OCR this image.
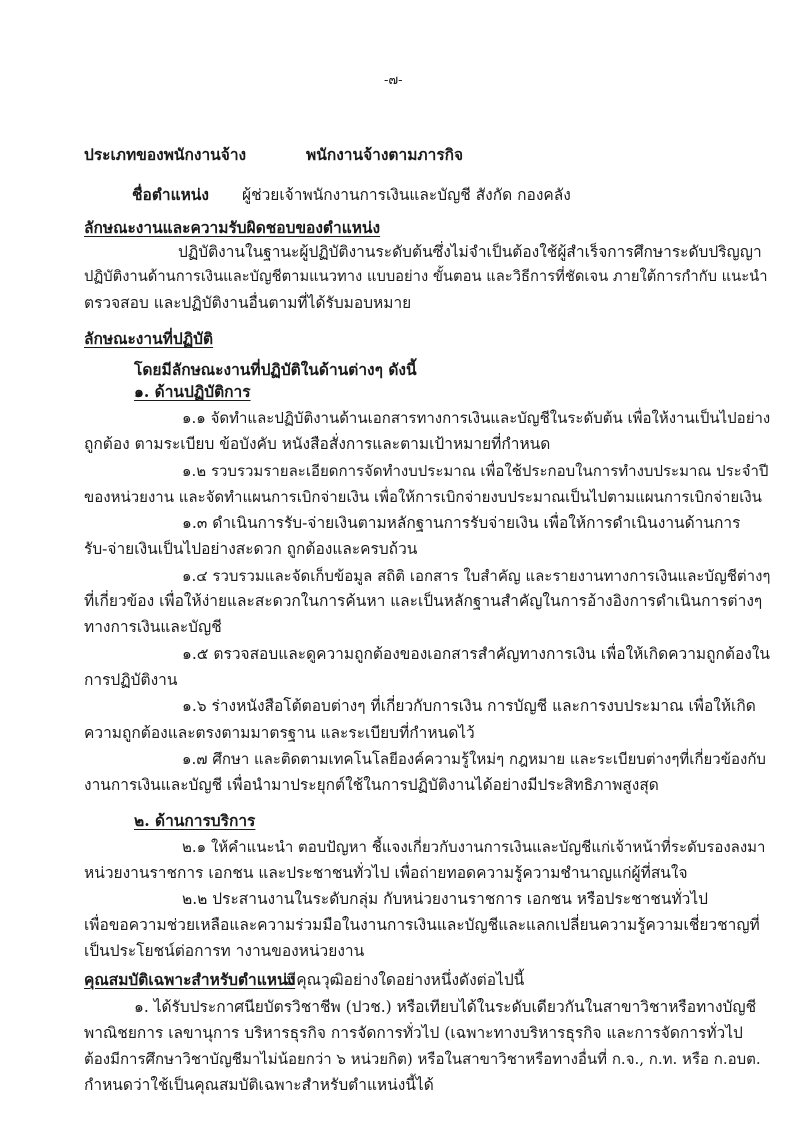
-๗-
ประเภทของพนักงานจ้าง	พนักงานจ้างตามภารกิจ
ชื่อตำแหน่ง ผู้ช่วยเจ้าพนักงานการเงินและบัญชี สังกัด กองคลัง
ลักษณะงานและความรับผิดชอบของตำแหน่ง
ปฏิบัติงานในฐานะผู้ปฏิบัติงานระดับต้นซึ่งไม่จำเป็นต้องใช้ผู้สำเร็จการศึกษาระดับปริญญา
ปฏิบัติงานด้านการเงินและบัญชีตามแนวทาง แบบอย่าง ขั้นตอน และวิธีการที่ชัดเจน ภายใต้การกำกับ แนะนำ
ตรวจสอบ และปฏิบัติงานอื่นตามที่ได้รับมอบหมาย
ลักษณะงานที่ปฏิบัติ
โดยมีลักษณะงานที่ปฏิบัติในด้านต่างๆ ดังนี้
๑. ด้านปฏิบัติการ
๑.๑ จัดทำและปฏิบัติงานด้านเอกสารทางการเงินและบัญชีในระดับต้น เพื่อให้งานเป็นไปอย่าง
ถูกต้อง ตามระเบียบ ข้อบังคับ หนังสือสั่งการและตามเป้าหมายที่กำหนด
๑.๒ รวบรวมรายละเอียดการจัดทำงบประมาณ เพื่อใช้ประกอบในการทำงบประมาณ ประจำปี
ของหน่วยงาน และจัดทำแผนการเบิกจ่ายเงิน เพื่อให้การเบิกจ่ายงบประมาณเป็นไปตามแผนการเบิกจ่ายเงิน
๑.๓ ดำเนินการรับ-จ่ายเงินตามหลักฐานการรับจ่ายเงิน เพื่อให้การดำเนินงานด้านการ
รับ-จ่ายเงินเป็นไปอย่างสะดวก ถูกต้องและครบถ้วน
๑.๔ รวบรวมและจัดเก็บข้อมูล สถิติ เอกสาร ใบสำคัญ และรายงานทางการเงินและบัญชีต่างๆ
ที่เกี่ยวข้อง เพื่อให้ง่ายและสะดวกในการค้นหา และเป็นหลักฐานสำคัญในการอ้างอิงการดำเนินการต่างๆ
ทางการเงินและบัญชี
๑.๕ ตรวจสอบและดูความถูกต้องของเอกสารสำคัญทางการเงิน เพื่อให้เกิดความถูกต้องใน
การปฏิบัติงาน
๑.๖ ร่างหนังสือโต้ตอบต่างๆ ที่เกี่ยวกับการเงิน การบัญชี และการงบประมาณ เพื่อให้เกิด
ความถูกต้องและตรงตามมาตรฐาน และระเบียบที่กำหนดไว้
๑.๗ ศึกษา และติดตามเทคโนโลยีองค์ความรู้ใหม่ๆ กฎหมาย และระเบียบต่างๆที่เกี่ยวข้องกับ
งานการเงินและบัญชี เพื่อนำมาประยุกต์ใช้ในการปฏิบัติงานได้อย่างมีประสิทธิภาพสูงสุด
๒. ด้านการบริการ
๒.๑ ให้คำแนะนำ ตอบปัญหา ชี้แจงเกี่ยวกับงานการเงินและบัญชีแก่เจ้าหน้าที่ระดับรองลงมา
หน่วยงานราชการ เอกชน และประชาชนทั่วไป เพื่อถ่ายทอดความรู้ความชำนาญแก่ผู้ที่สนใจ
๒.๒ ประสานงานในระดับกลุ่ม กับหน่วยงานราชการ เอกชน หรือประชาชนทั่วไป
เพื่อขอความช่วยเหลือและความร่วมมือในงานการเงินและบัญชีและแลกเปลี่ยนความรู้ความเชี่ยวชาญที่
เป็นประโยชน์ต่อการท างานของหน่วยงาน
คุณสมบัติเฉพาะสำหรับตำแหน่ง
มีคุณวุฒิอย่างใดอย่างหนึ่งดังต่อไปนี้
๑. ได้รับประกาศนียบัตรวิชาชีพ (ปวช.) หรือเทียบได้ในระดับเดียวกันในสาขาวิชาหรือทางบัญชี
พาณิชยการ เลขานุการ บริหารธุรกิจ การจัดการทั่วไป (เฉพาะทางบริหารธุรกิจ และการจัดการทั่วไป
ต้องมีการศึกษาวิชาบัญชีมาไม่น้อยกว่า ๖ หน่วยกิต) หรือในสาขาวิชาหรือทางอื่นที่ ก.จ., ก.ท. หรือ ก.อบต.
กำหนดว่าใช้เป็นคุณสมบัติเฉพาะสำหรับตำแหน่งนี้ได้
